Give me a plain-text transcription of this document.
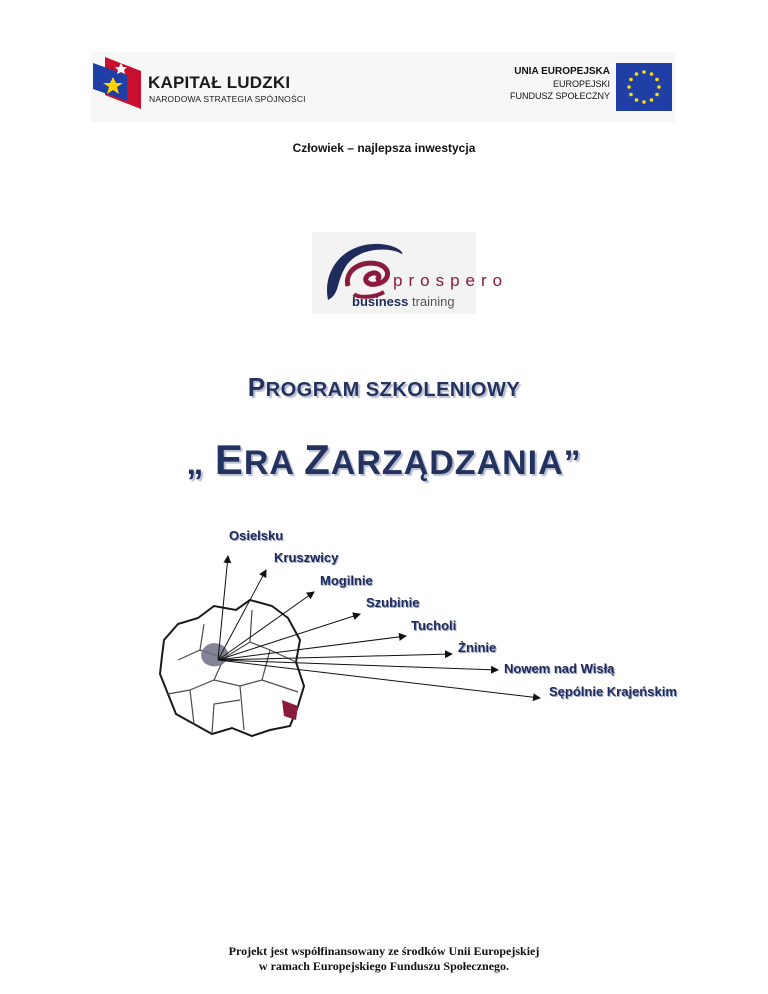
KAPITAŁ LUDZKI
NARODOWA STRATEGIA SPÓJNOŚCI
UNIA EUROPEJSKA
EUROPEJSKI
FUNDUSZ SPOŁECZNY
Człowiek – najlepsza inwestycja
prospero
business training
PROGRAM SZKOLENIOWY
„ ERA ZARZĄDZANIA”
Osielsku
Kruszwicy
Mogilnie
Szubinie
Tucholi
Żninie
Nowem nad Wisłą
Sępólnie Krajeńskim
Projekt jest współfinansowany ze środków Unii Europejskiej
w ramach Europejskiego Funduszu Społecznego.
